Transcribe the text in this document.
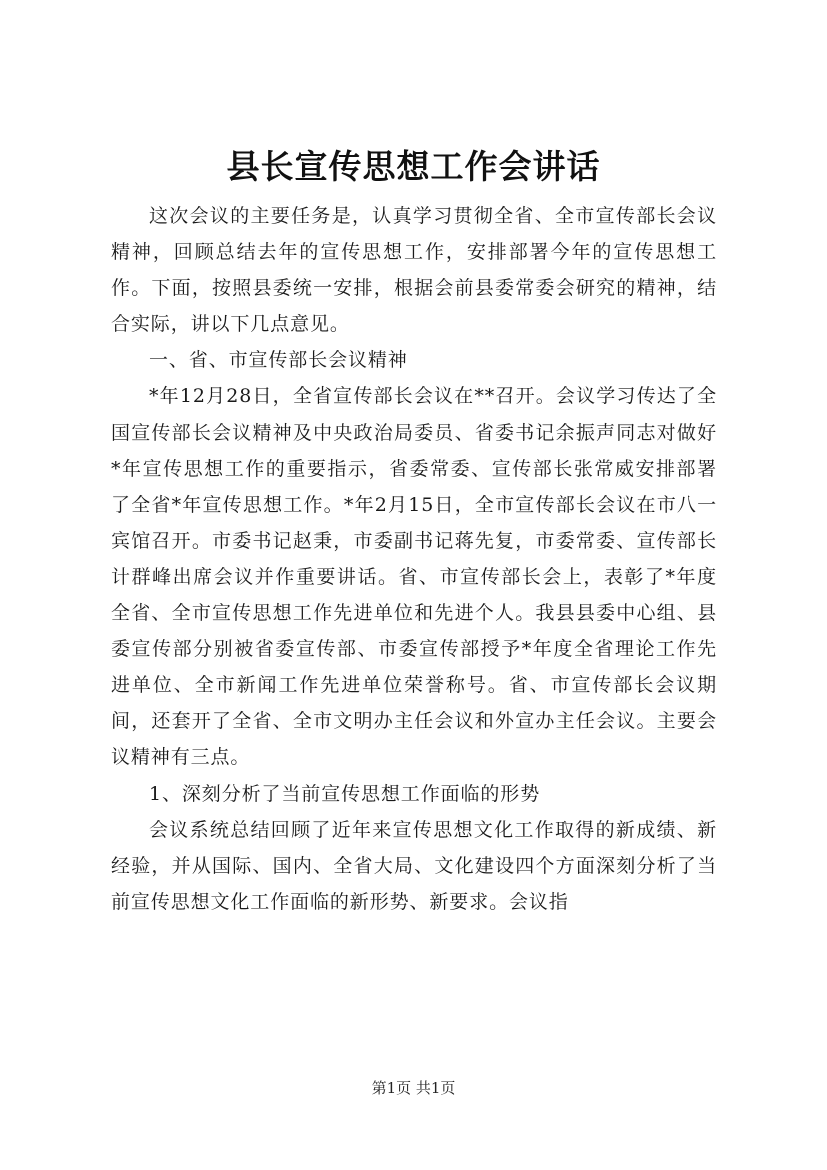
县长宣传思想工作会讲话

这次会议的主要任务是，认真学习贯彻全省、全市宣传部长会议精神，回顾总结去年的宣传思想工作，安排部署今年的宣传思想工作。下面，按照县委统一安排，根据会前县委常委会研究的精神，结合实际，讲以下几点意见。

一、省、市宣传部长会议精神

*年12月28日，全省宣传部长会议在**召开。会议学习传达了全国宣传部长会议精神及中央政治局委员、省委书记余振声同志对做好*年宣传思想工作的重要指示，省委常委、宣传部长张常威安排部署了全省*年宣传思想工作。*年2月15日，全市宣传部长会议在市八一宾馆召开。市委书记赵秉，市委副书记蒋先复，市委常委、宣传部长计群峰出席会议并作重要讲话。省、市宣传部长会上，表彰了*年度全省、全市宣传思想工作先进单位和先进个人。我县县委中心组、县委宣传部分别被省委宣传部、市委宣传部授予*年度全省理论工作先进单位、全市新闻工作先进单位荣誉称号。省、市宣传部长会议期间，还套开了全省、全市文明办主任会议和外宣办主任会议。主要会议精神有三点。

1、深刻分析了当前宣传思想工作面临的形势

会议系统总结回顾了近年来宣传思想文化工作取得的新成绩、新经验，并从国际、国内、全省大局、文化建设四个方面深刻分析了当前宣传思想文化工作面临的新形势、新要求。会议指

第1页 共1页
